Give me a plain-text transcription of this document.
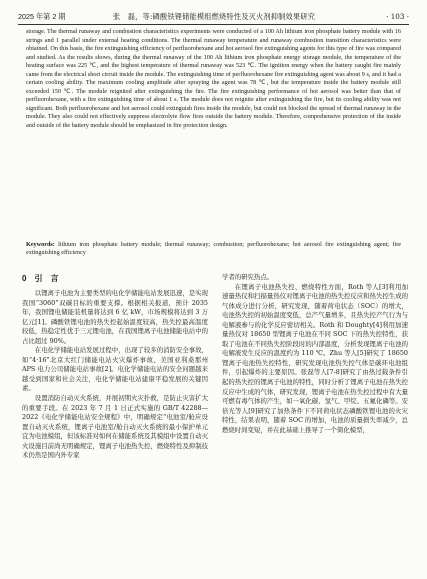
2025 年第 2 期	张　磊，等:磷酸铁锂储能模组燃烧特性及灭火剂抑制效果研究	· 103 ·

storage. The thermal runaway and combustion characteristics experiments were conducted of a 100 Ah lithium iron phosphate battery module with 16 strings and 1 parallel under external heating conditions. The thermal runaway temperature and runaway combustion transition characteristics were obtained. On this basis, the fire extinguishing efficiency of perfluorohexane and hot aerosol fire extinguishing agents for this type of fire was compared and studied. As the results shows, during the thermal runaway of the 100 Ah lithium iron phosphate energy storage module, the temperature of the heating surface was 225 ℃, and the highest temperature of thermal runaway was 523 ℃. The ignition energy when the battery caught fire mainly came from the electrical short circuit inside the module. The extinguishing time of perfluorohexane fire extinguishing agent was about 9 s, and it had a certain cooling ability. The maximum cooling amplitude after spraying the agent was 78 ℃, but the temperature inside the battery module still exceeded 150 ℃. The module reignited after extinguishing the fire. The fire extinguishing performance of hot aerosol was better than that of perfluorohexane, with a fire extinguishing time of about 1 s. The module does not reignite after extinguishing the fire, but its cooling ability was not significant. Both perfluorohexane and hot aerosol could extinguish fires inside the module, but could not blocked the spread of thermal runaway in the module. They also could not effectively suppress electrolyte flow fires outside the battery module. Therefore, comprehensive protection of the inside and outside of the battery module should be emphasized in fire protection design.

Keywords: lithium iron phosphate battery module; thermal runaway; combustion; perfluorohexane; hot aerosol fire extinguishing agent; fire extinguishing efficiency
0　引　言

以锂离子电池为主要类型的电化学储能电站发展迅速，是实现我国“3060”双碳目标的重要支撑。根据相关报道，预计 2035 年，我国锂电储能装机量将达到 6 亿 kW，市场规模将达到 3 万亿元[1]。磷酸铁锂电池的热失控起始温度较高，热失控最高温度较低，热稳定性优于三元锂电池，在我国锂离子电池储能电站中的占比超过 90%。

在电化学储能电站发展过程中，出现了较多的消防安全事故，如“4·16”北京大红门储能电站火灾爆炸事故、美国亚利桑那州 APS 电力公司储能电站事故[2]。电化学储能电站的安全问题越来越受到国家和社会关注，电化学储能电站建康平稳发展的关键因素。

设置消防自动灭火系统，并展初期火灾扑救，是防止灾害扩大的重要手段。在 2023 年 7 月 1 日正式实施的 GB/T 42288—2022《电化学储能电站安全规程》中，明确规定“电池室/舱应设置自动灭火系统，锂离子电池室/舱自动灭火系统的最小保护单元宜为电池模组，但该标准对如何在储能系统及其模组中设置自动灭火设施目前尚无明确规定，锂离子电池热失控、燃烧特性及抑制技术仍然是国内外专家

学者的研究热点。

在锂离子电池热失控、燃烧特性方面，Roth 等人[3]利用加速量热仪和扫描量热仪对锂离子电池的热失控反应和热失控生成的气体成分进行分析，研究发现，随着荷电状态（SOC）的增大，电池热失控的初始温度变低，总产气量增多，且热失控产气行为与电解液参与的化学反应密切相关。Roth 和 Doughty[4]利用加速量热仪对 18650 型锂离子电池在不同 SOC 下的热失控特性，获取了电池在不同热失控阶段时的内部温度，分析发现锂离子电池的电解液发生反应的温度约为 110 ℃。Zhu 等人[5]研究了 18650 锂离子电池热失控特性，研究发现电池热失控气体是碳环电池组件，引起爆炸的主要原因。张磊等人[7-8]研究了由热过载条件引起的热失控的锂离子电池的特性，同时分析了锂离子电池在热失控反应中生成的气体，研究发现，锂离子电池在热失控过程中有大量可燃有毒气体的产生，如一氧化碳、氢气、甲烷、五氟化磷等。安倍光等人[9]研究了加热条件下不同荷电状态磷酸铁锂电池的火灾特性，结果表明，随着 SOC 的增加，电池的质量损失率减少，总燃烧时间变短，并在此基础上推导了一个简化模型，
